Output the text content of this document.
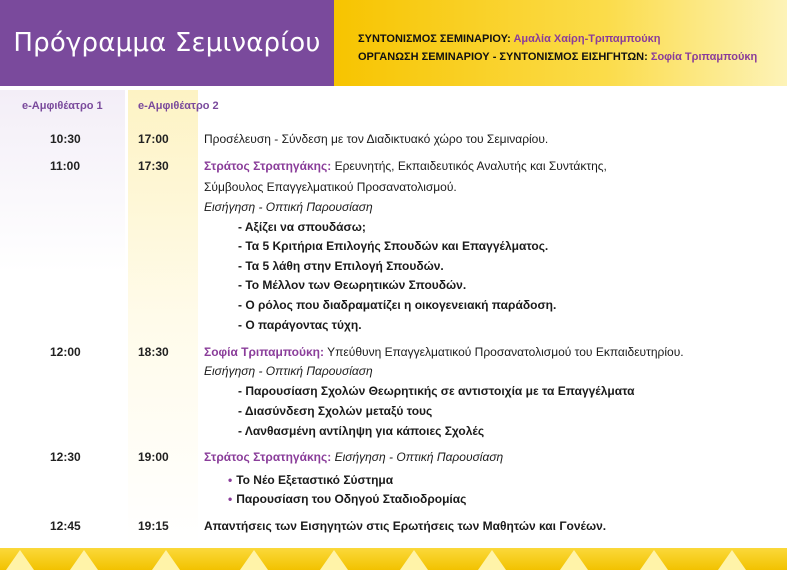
Πρόγραμμα Σεμιναρίου	ΣΥΝΤΟΝΙΣΜΟΣ ΣΕΜΙΝΑΡΙΟΥ: Αμαλία Χαίρη-Τριπαμπούκη
ΟΡΓΑΝΩΣΗ ΣΕΜΙΝΑΡΙΟΥ - ΣΥΝΤΟΝΙΣΜΟΣ ΕΙΣΗΓΗΤΩΝ: Σοφία Τριπαμπούκη
e-Αμφιθέατρο 1	e-Αμφιθέατρο 2
10:30	17:00	Προσέλευση - Σύνδεση με τον Διαδικτυακό χώρο του Σεμιναρίου.
11:00	17:30	Στράτος Στρατηγάκης: Ερευνητής, Εκπαιδευτικός Αναλυτής και Συντάκτης,
Σύμβουλος Επαγγελματικού Προσανατολισμού.
Εισήγηση - Οπτική Παρουσίαση
- Αξίζει να σπουδάσω;
- Τα 5 Κριτήρια Επιλογής Σπουδών και Επαγγέλματος.
- Τα 5 λάθη στην Επιλογή Σπουδών.
- Το Μέλλον των Θεωρητικών Σπουδών.
- Ο ρόλος που διαδραματίζει η οικογενειακή παράδοση.
- Ο παράγοντας τύχη.
12:00	18:30	Σοφία Τριπαμπούκη: Υπεύθυνη Επαγγελματικού Προσανατολισμού του Εκπαιδευτηρίου.
Εισήγηση - Οπτική Παρουσίαση
- Παρουσίαση Σχολών Θεωρητικής σε αντιστοιχία με τα Επαγγέλματα
- Διασύνδεση Σχολών μεταξύ τους
- Λανθασμένη αντίληψη για κάποιες Σχολές
12:30	19:00	Στράτος Στρατηγάκης: Εισήγηση - Οπτική Παρουσίαση
• Το Νέο Εξεταστικό Σύστημα
• Παρουσίαση του Οδηγού Σταδιοδρομίας
12:45	19:15	Απαντήσεις των Εισηγητών στις Ερωτήσεις των Μαθητών και Γονέων.
